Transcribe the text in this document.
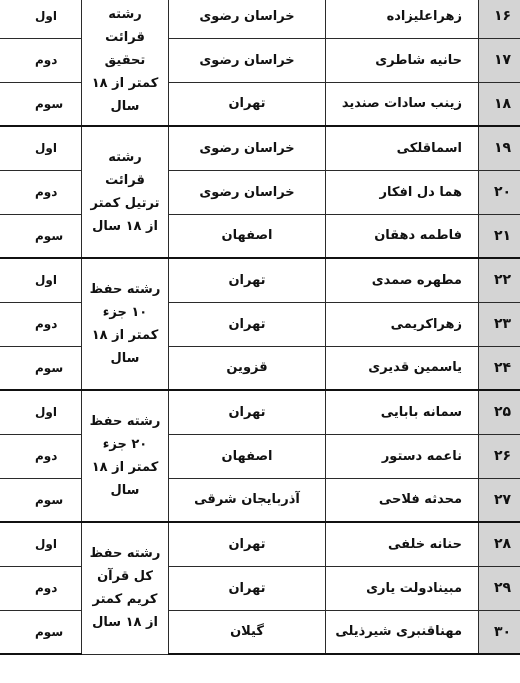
۱۶	زهراعلیزاده	خراسان رضوی	رشته قرائت تحقیق کمتر از ۱۸ سال	اول
۱۷	حانیه شاطری	خراسان رضوی		دوم
۱۸	زینب سادات صندید	تهران		سوم
۱۹	اسماقلکی	خراسان رضوی	رشته قرائت ترتیل کمتر از ۱۸ سال	اول
۲۰	هما دل افکار	خراسان رضوی		دوم
۲۱	فاطمه دهقان	اصفهان		سوم
۲۲	مطهره صمدی	تهران	رشته حفظ ۱۰ جزء کمتر از ۱۸ سال	اول
۲۳	زهراکریمی	تهران		دوم
۲۴	یاسمین قدیری	قزوین		سوم
۲۵	سمانه بابایی	تهران	رشته حفظ ۲۰ جزء کمتر از ۱۸ سال	اول
۲۶	ناعمه دستور	اصفهان		دوم
۲۷	محدثه فلاحی	آذربایجان شرقی		سوم
۲۸	حنانه خلفی	تهران	رشته حفظ کل قرآن کریم کمتر از ۱۸ سال	اول
۲۹	مبینادولت یاری	تهران		دوم
۳۰	مهناقنبری شیرذیلی	گیلان		سوم
